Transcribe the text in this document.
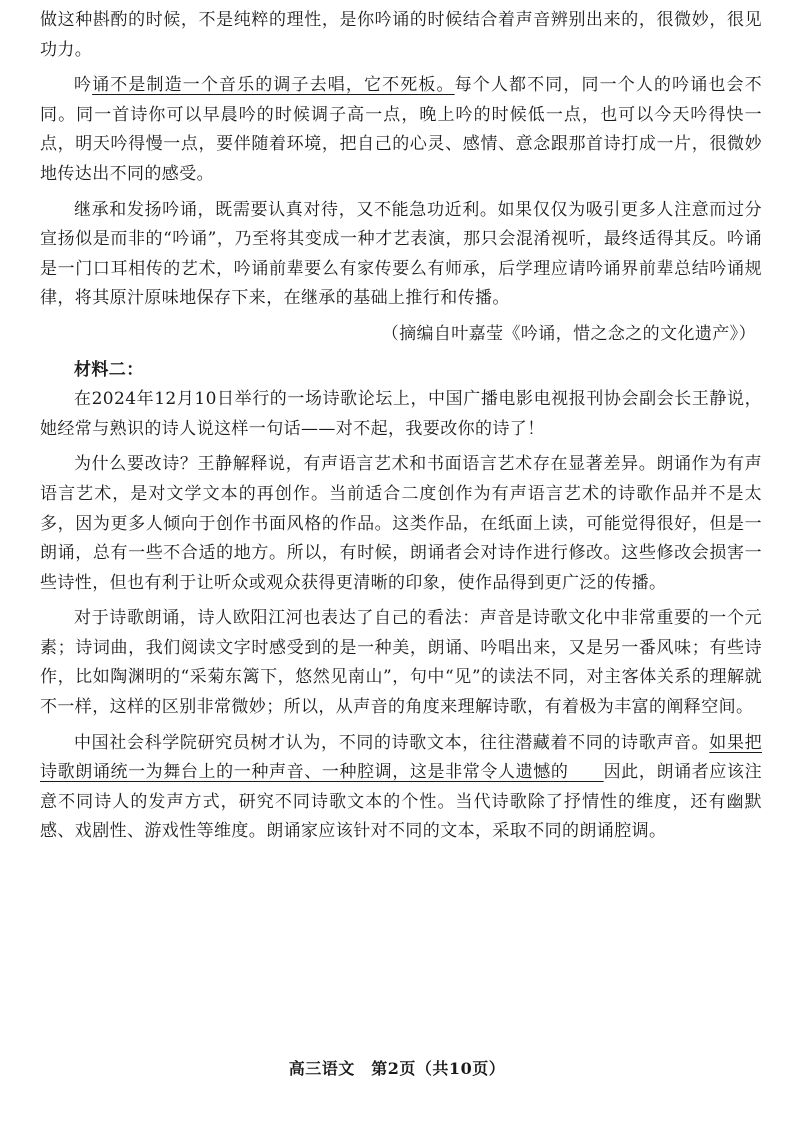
做这种斟酌的时候，不是纯粹的理性，是你吟诵的时候结合着声音辨别出来的，很微妙，很见功力。

吟诵不是制造一个音乐的调子去唱，它不死板。每个人都不同，同一个人的吟诵也会不同。同一首诗你可以早晨吟的时候调子高一点，晚上吟的时候低一点，也可以今天吟得快一点，明天吟得慢一点，要伴随着环境，把自己的心灵、感情、意念跟那首诗打成一片，很微妙地传达出不同的感受。

继承和发扬吟诵，既需要认真对待，又不能急功近利。如果仅仅为吸引更多人注意而过分宣扬似是而非的“吟诵”，乃至将其变成一种才艺表演，那只会混淆视听，最终适得其反。吟诵是一门口耳相传的艺术，吟诵前辈要么有家传要么有师承，后学理应请吟诵界前辈总结吟诵规律，将其原汁原味地保存下来，在继承的基础上推行和传播。

（摘编自叶嘉莹《吟诵，惜之念之的文化遗产》）

材料二：

在2024年12月10日举行的一场诗歌论坛上，中国广播电影电视报刊协会副会长王静说，她经常与熟识的诗人说这样一句话——对不起，我要改你的诗了！

为什么要改诗？王静解释说，有声语言艺术和书面语言艺术存在显著差异。朗诵作为有声语言艺术，是对文学文本的再创作。当前适合二度创作为有声语言艺术的诗歌作品并不是太多，因为更多人倾向于创作书面风格的作品。这类作品，在纸面上读，可能觉得很好，但是一朗诵，总有一些不合适的地方。所以，有时候，朗诵者会对诗作进行修改。这些修改会损害一些诗性，但也有利于让听众或观众获得更清晰的印象，使作品得到更广泛的传播。

对于诗歌朗诵，诗人欧阳江河也表达了自己的看法：声音是诗歌文化中非常重要的一个元素；诗词曲，我们阅读文字时感受到的是一种美，朗诵、吟唱出来，又是另一番风味；有些诗作，比如陶渊明的“采菊东篱下，悠然见南山”，句中“见”的读法不同，对主客体关系的理解就不一样，这样的区别非常微妙；所以，从声音的角度来理解诗歌，有着极为丰富的阐释空间。

中国社会科学院研究员树才认为，不同的诗歌文本，往往潜藏着不同的诗歌声音。如果把诗歌朗诵统一为舞台上的一种声音、一种腔调，这是非常令人遗憾的　　 因此，朗诵者应该注意不同诗人的发声方式，研究不同诗歌文本的个性。当代诗歌除了抒情性的维度，还有幽默感、戏剧性、游戏性等维度。朗诵家应该针对不同的文本，采取不同的朗诵腔调。

高三语文　第2页（共10页）
